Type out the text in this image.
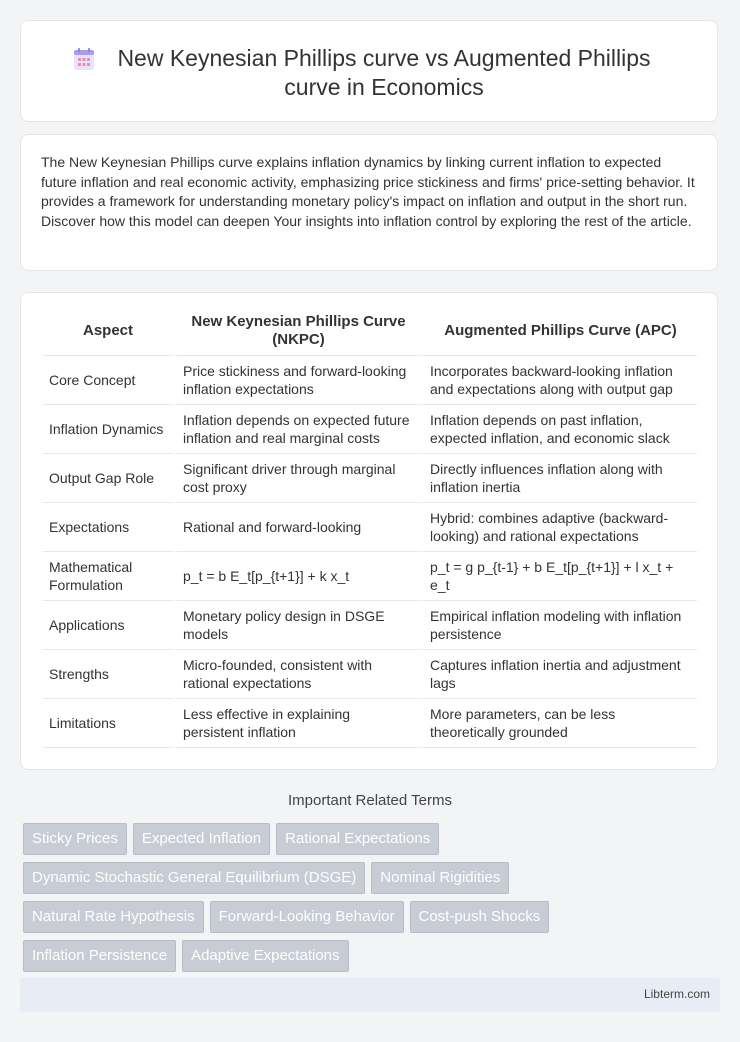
New Keynesian Phillips curve vs Augmented Phillips curve in Economics

The New Keynesian Phillips curve explains inflation dynamics by linking current inflation to expected future inflation and real economic activity, emphasizing price stickiness and firms' price-setting behavior. It provides a framework for understanding monetary policy's impact on inflation and output in the short run. Discover how this model can deepen Your insights into inflation control by exploring the rest of the article.

Aspect	New Keynesian Phillips Curve (NKPC)	Augmented Phillips Curve (APC)
Core Concept	Price stickiness and forward-looking inflation expectations	Incorporates backward-looking inflation and expectations along with output gap
Inflation Dynamics	Inflation depends on expected future inflation and real marginal costs	Inflation depends on past inflation, expected inflation, and economic slack
Output Gap Role	Significant driver through marginal cost proxy	Directly influences inflation along with inflation inertia
Expectations	Rational and forward-looking	Hybrid: combines adaptive (backward-looking) and rational expectations
Mathematical Formulation	p_t = b E_t[p_{t+1}] + k x_t	p_t = g p_{t-1} + b E_t[p_{t+1}] + l x_t + e_t
Applications	Monetary policy design in DSGE models	Empirical inflation modeling with inflation persistence
Strengths	Micro-founded, consistent with rational expectations	Captures inflation inertia and adjustment lags
Limitations	Less effective in explaining persistent inflation	More parameters, can be less theoretically grounded
Important Related Terms
Sticky Prices	Expected Inflation	Rational Expectations
Dynamic Stochastic General Equilibrium (DSGE)	Nominal Rigidities
Natural Rate Hypothesis	Forward-Looking Behavior	Cost-push Shocks
Inflation Persistence	Adaptive Expectations
Libterm.com
